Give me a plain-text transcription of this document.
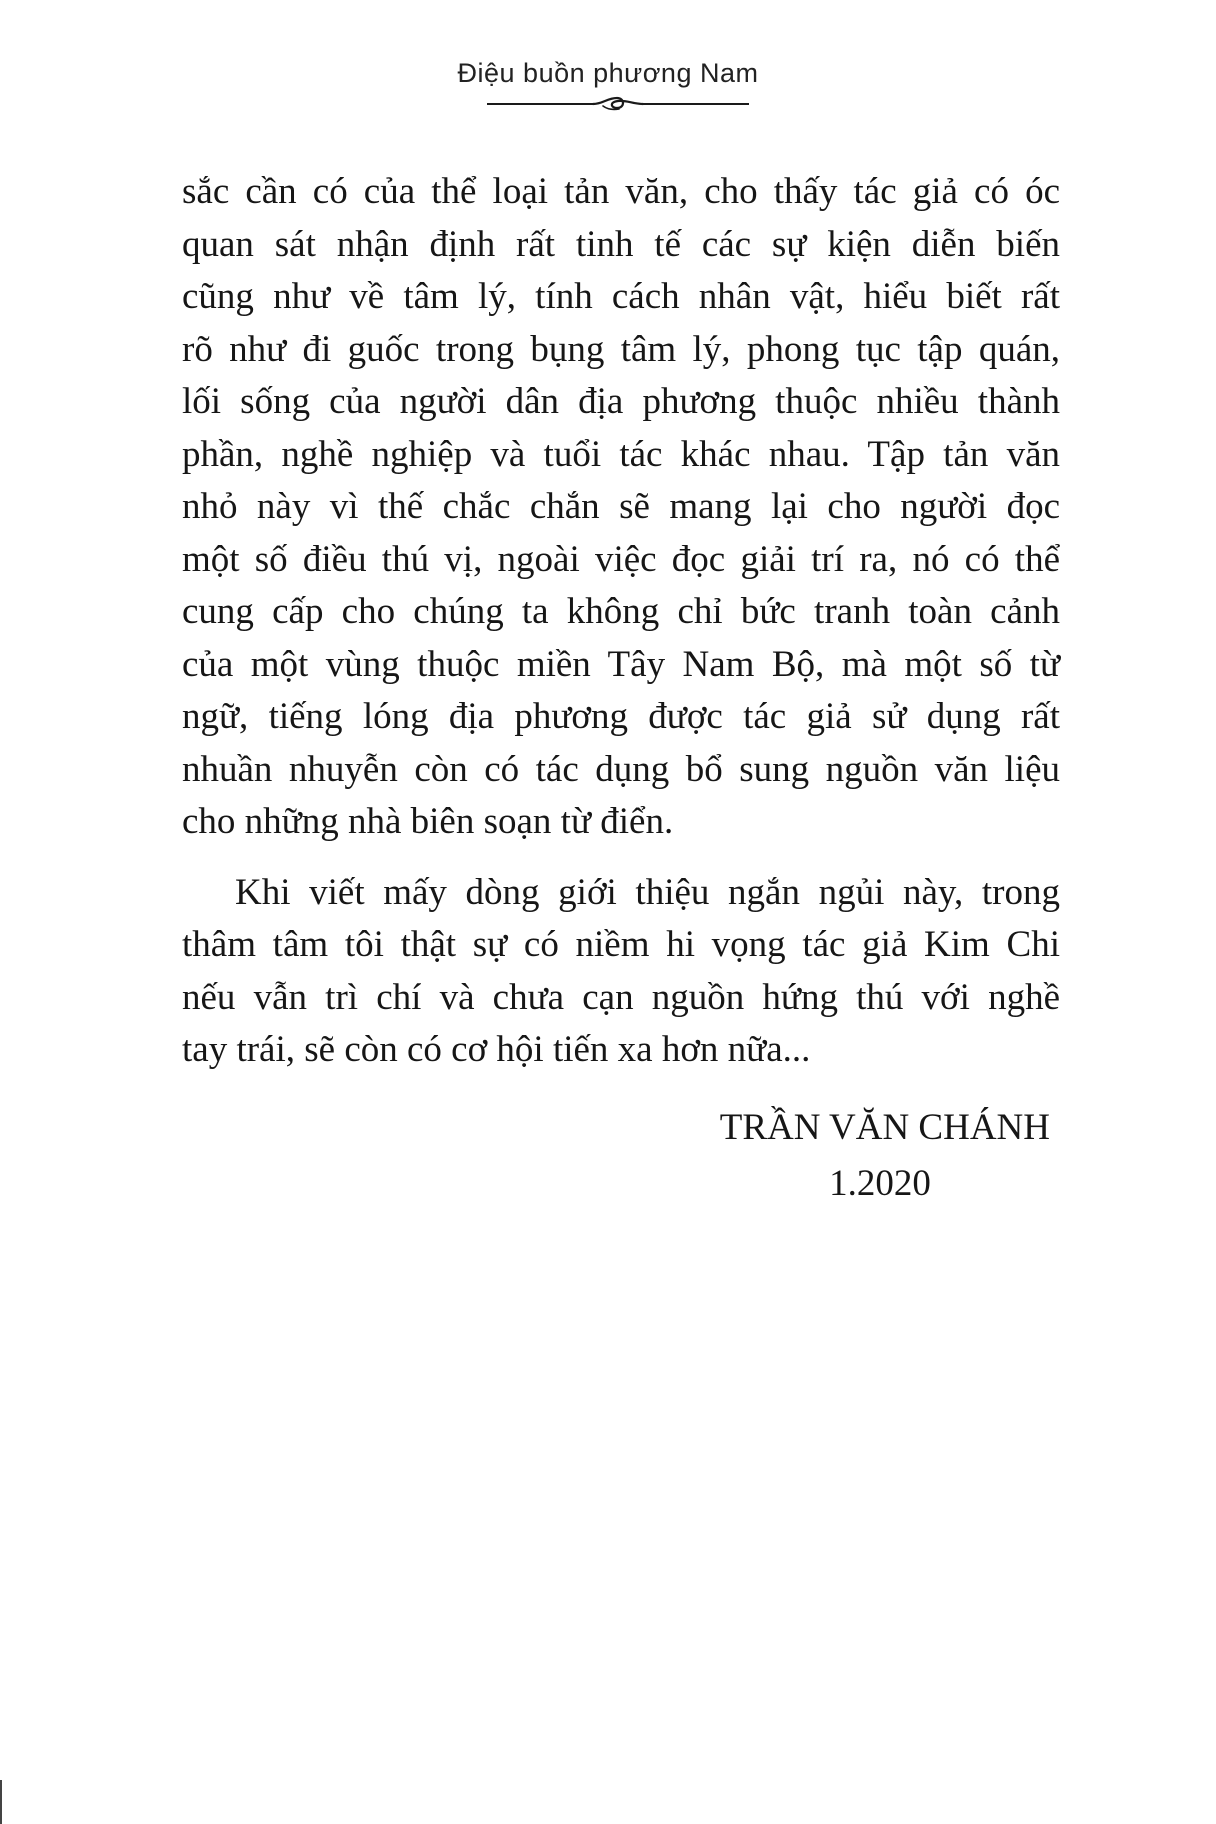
Điệu buồn phương Nam
sắc cần có của thể loại tản văn, cho thấy tác giả có óc
quan sát nhận định rất tinh tế các sự kiện diễn biến
cũng như về tâm lý, tính cách nhân vật, hiểu biết rất
rõ như đi guốc trong bụng tâm lý, phong tục tập quán,
lối sống của người dân địa phương thuộc nhiều thành
phần, nghề nghiệp và tuổi tác khác nhau. Tập tản văn
nhỏ này vì thế chắc chắn sẽ mang lại cho người đọc
một số điều thú vị, ngoài việc đọc giải trí ra, nó có thể
cung cấp cho chúng ta không chỉ bức tranh toàn cảnh
của một vùng thuộc miền Tây Nam Bộ, mà một số từ
ngữ, tiếng lóng địa phương được tác giả sử dụng rất
nhuần nhuyễn còn có tác dụng bổ sung nguồn văn liệu
cho những nhà biên soạn từ điển.
Khi viết mấy dòng giới thiệu ngắn ngủi này, trong
thâm tâm tôi thật sự có niềm hi vọng tác giả Kim Chi
nếu vẫn trì chí và chưa cạn nguồn hứng thú với nghề
tay trái, sẽ còn có cơ hội tiến xa hơn nữa...
TRẦN VĂN CHÁNH
1.2020
